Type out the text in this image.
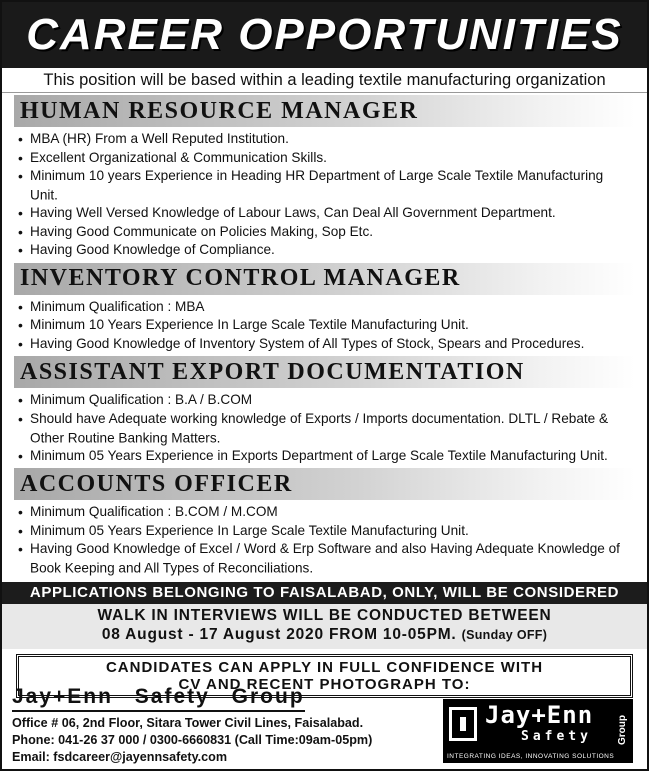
CAREER OPPORTUNITIES
This position will be based within a leading textile manufacturing organization
HUMAN RESOURCE MANAGER
• MBA (HR) From a Well Reputed Institution.
• Excellent Organizational & Communication Skills.
• Minimum 10 years Experience in Heading HR Department of Large Scale Textile Manufacturing Unit.
• Having Well Versed Knowledge of Labour Laws, Can Deal All Government Department.
• Having Good Communicate on Policies Making, Sop Etc.
• Having Good Knowledge of Compliance.
INVENTORY CONTROL MANAGER
• Minimum Qualification : MBA
• Minimum 10 Years Experience In Large Scale Textile Manufacturing Unit.
• Having Good Knowledge of Inventory System of All Types of Stock, Spears and Procedures.
ASSISTANT EXPORT DOCUMENTATION
• Minimum Qualification : B.A / B.COM
• Should have Adequate working knowledge of Exports / Imports documentation. DLTL / Rebate & Other Routine Banking Matters.
• Minimum 05 Years Experience in Exports Department of Large Scale Textile Manufacturing Unit.
ACCOUNTS OFFICER
• Minimum Qualification : B.COM / M.COM
• Minimum 05 Years Experience In Large Scale Textile Manufacturing Unit.
• Having Good Knowledge of Excel / Word & Erp Software and also Having Adequate Knowledge of Book Keeping and All Types of Reconciliations.
APPLICATIONS BELONGING TO FAISALABAD, ONLY, WILL BE CONSIDERED
WALK IN INTERVIEWS WILL BE CONDUCTED BETWEEN
08 August - 17 August 2020 FROM 10-05PM. (Sunday OFF)
CANDIDATES CAN APPLY IN FULL CONFIDENCE WITH
CV AND RECENT PHOTOGRAPH TO:
Jay+Enn Safety Group
Office # 06, 2nd Floor, Sitara Tower Civil Lines, Faisalabad.
Phone: 041-26 37 000 / 0300-6660831 (Call Time:09am-05pm)
Email: fsdcareer@jayennsafety.com
Jay+Enn
Safety
INTEGRATING IDEAS, INNOVATING SOLUTIONS
Group
